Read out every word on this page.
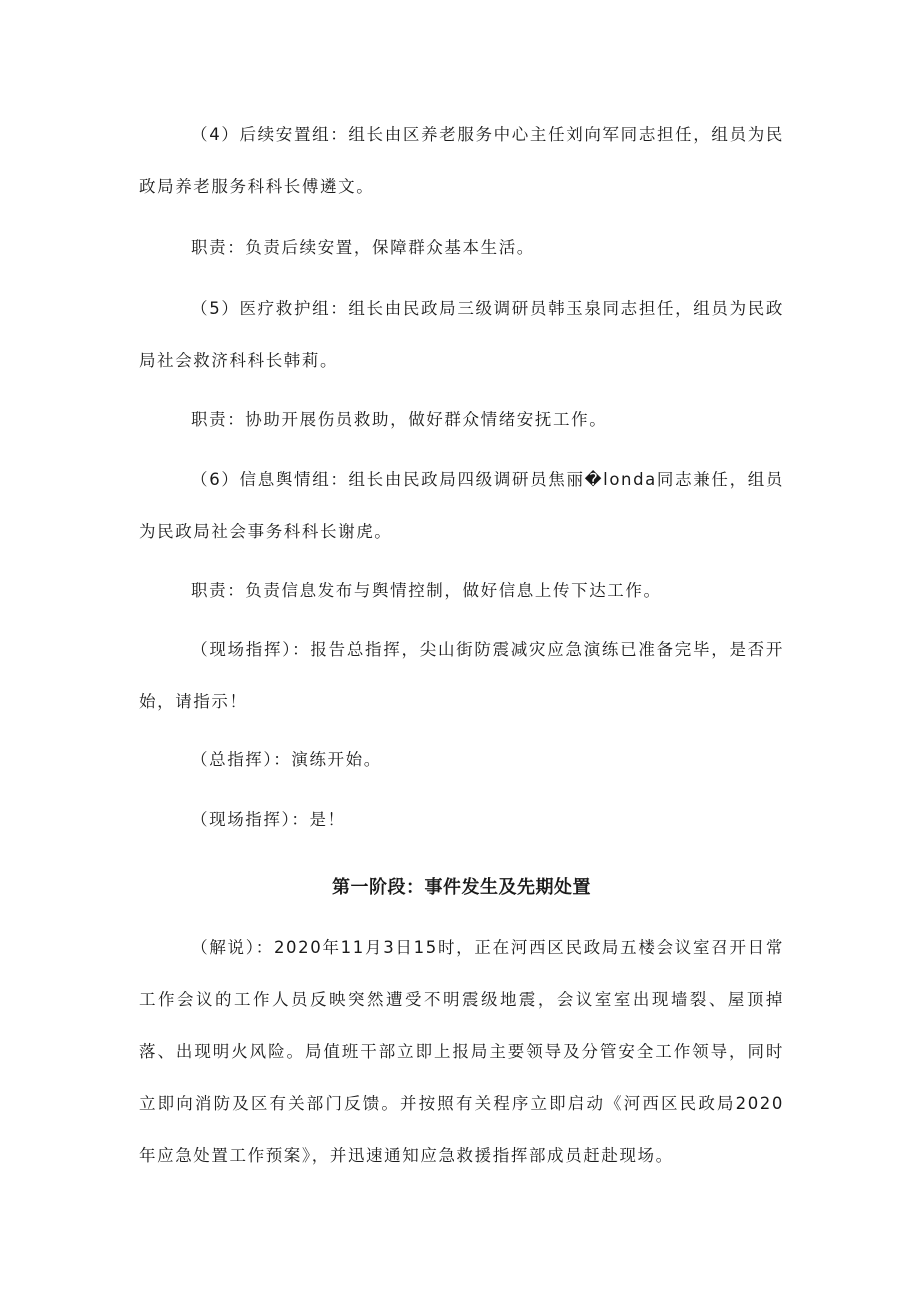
（4）后续安置组：组长由区养老服务中心主任刘向军同志担任，组员为民政局养老服务科科长傅遴文。

职责：负责后续安置，保障群众基本生活。

（5）医疗救护组：组长由民政局三级调研员韩玉泉同志担任，组员为民政局社会救济科科长韩莉。

职责：协助开展伤员救助，做好群众情绪安抚工作。

（6）信息舆情组：组长由民政局四级调研员焦丽�londa同志兼任，组员为民政局社会事务科科长谢虎。

职责：负责信息发布与舆情控制，做好信息上传下达工作。

（现场指挥）：报告总指挥，尖山街防震减灾应急演练已准备完毕，是否开始，请指示！

（总指挥）：演练开始。

（现场指挥）：是！

第一阶段：事件发生及先期处置

（解说）：2020年11月3日15时，正在河西区民政局五楼会议室召开日常工作会议的工作人员反映突然遭受不明震级地震，会议室室出现墙裂、屋顶掉落、出现明火风险。局值班干部立即上报局主要领导及分管安全工作领导，同时立即向消防及区有关部门反馈。并按照有关程序立即启动《河西区民政局2020年应急处置工作预案》，并迅速通知应急救援指挥部成员赶赴现场。
